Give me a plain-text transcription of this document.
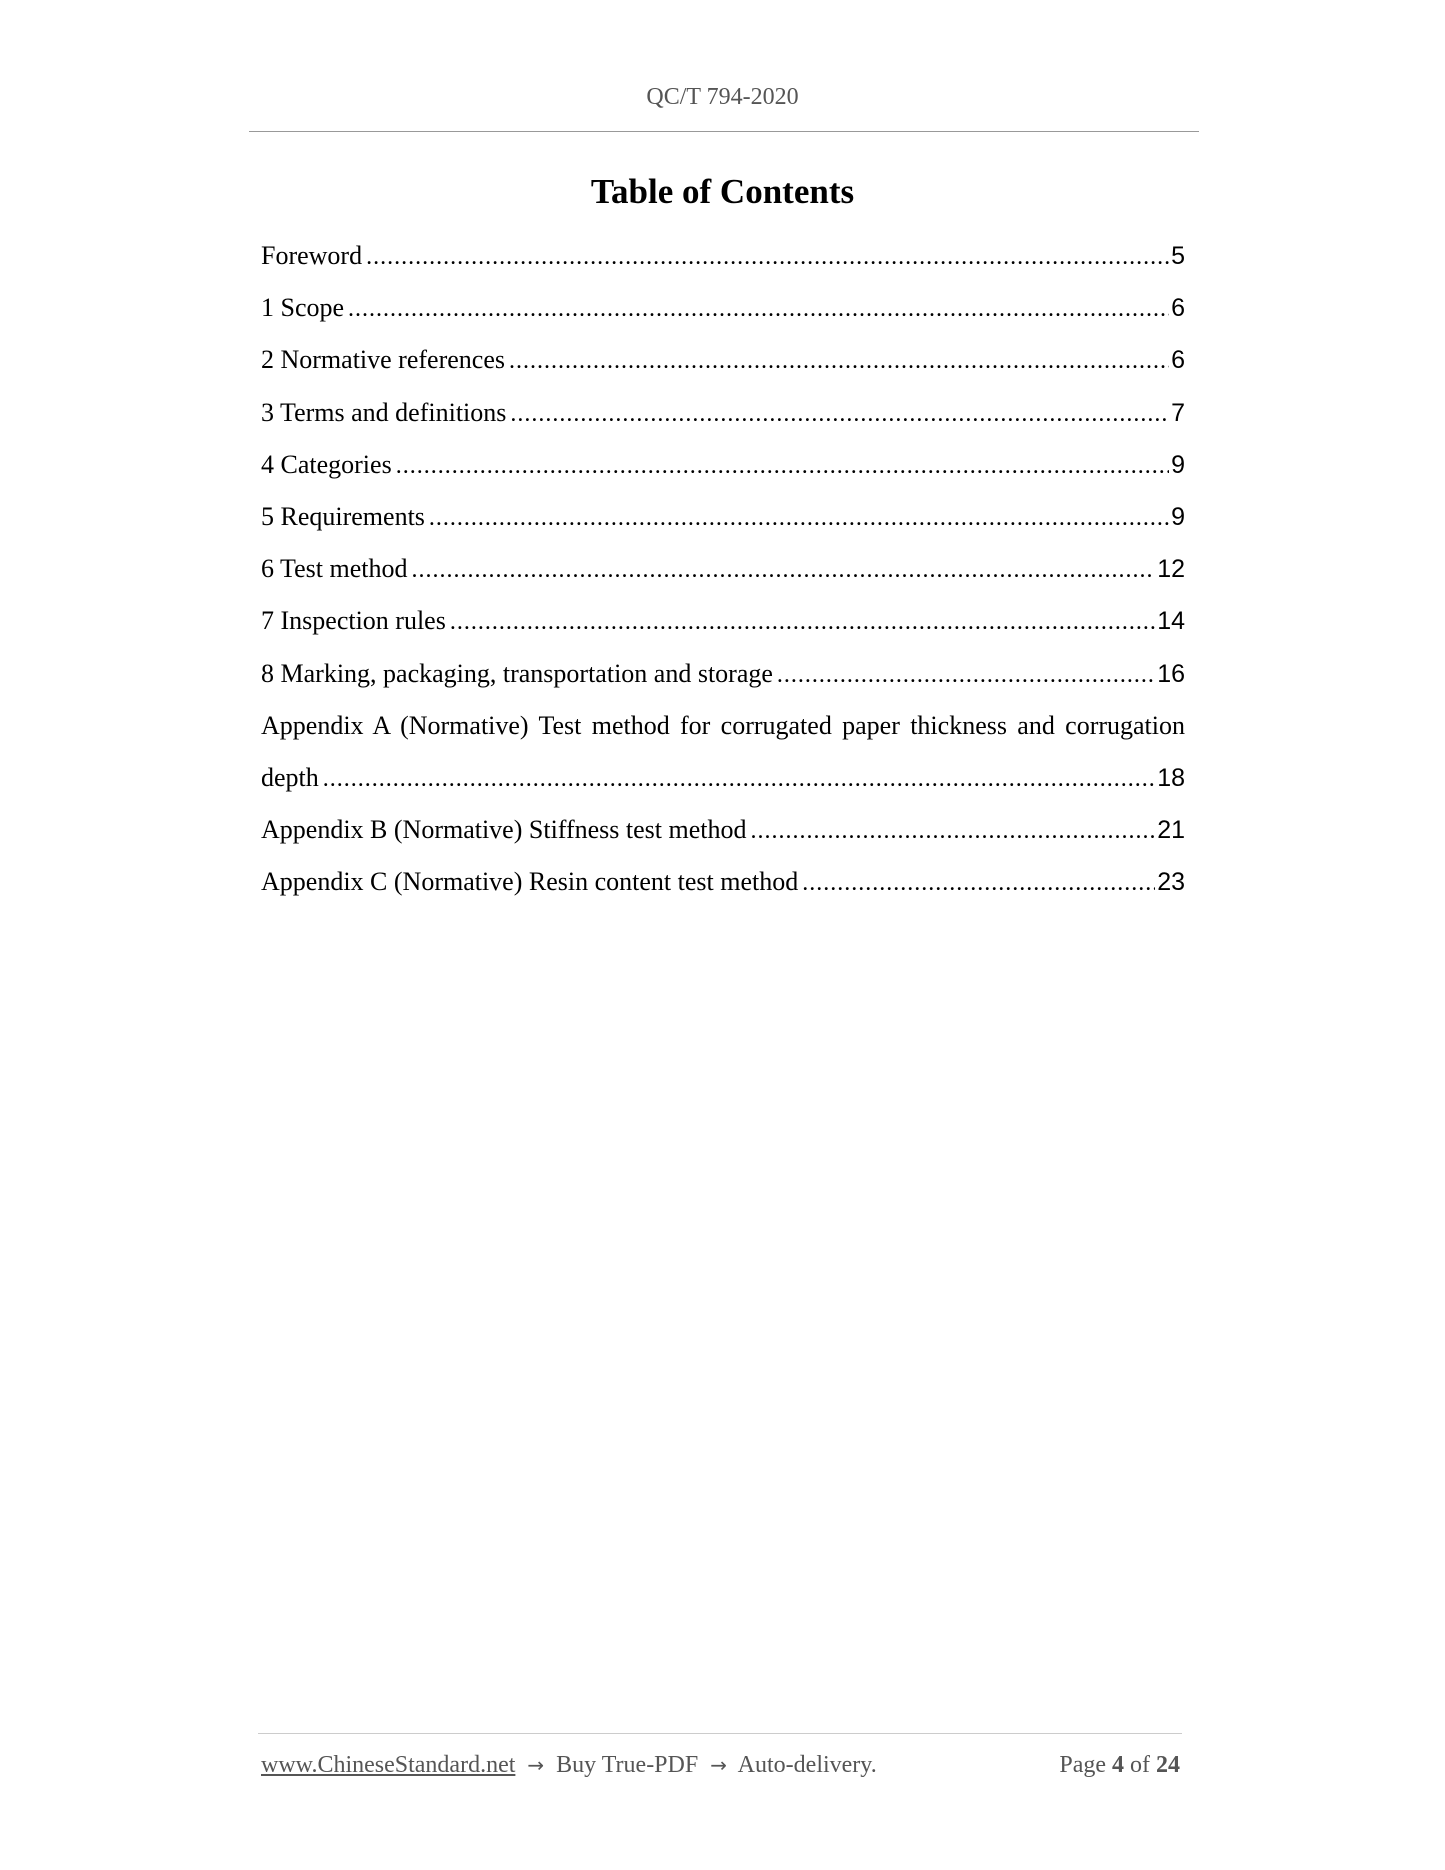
QC/T 794-2020
Table of Contents
Foreword .....	5
1 Scope .....	6
2 Normative references .....	6
3 Terms and definitions .....	7
4 Categories .....	9
5 Requirements .....	9
6 Test method .....	12
7 Inspection rules .....	14
8 Marking, packaging, transportation and storage .....	16
Appendix A (Normative) Test method for corrugated paper thickness and corrugation
depth .....	18
Appendix B (Normative) Stiffness test method .....	21
Appendix C (Normative) Resin content test method .....	23
www.ChineseStandard.net → Buy True-PDF → Auto-delivery.	Page 4 of 24
